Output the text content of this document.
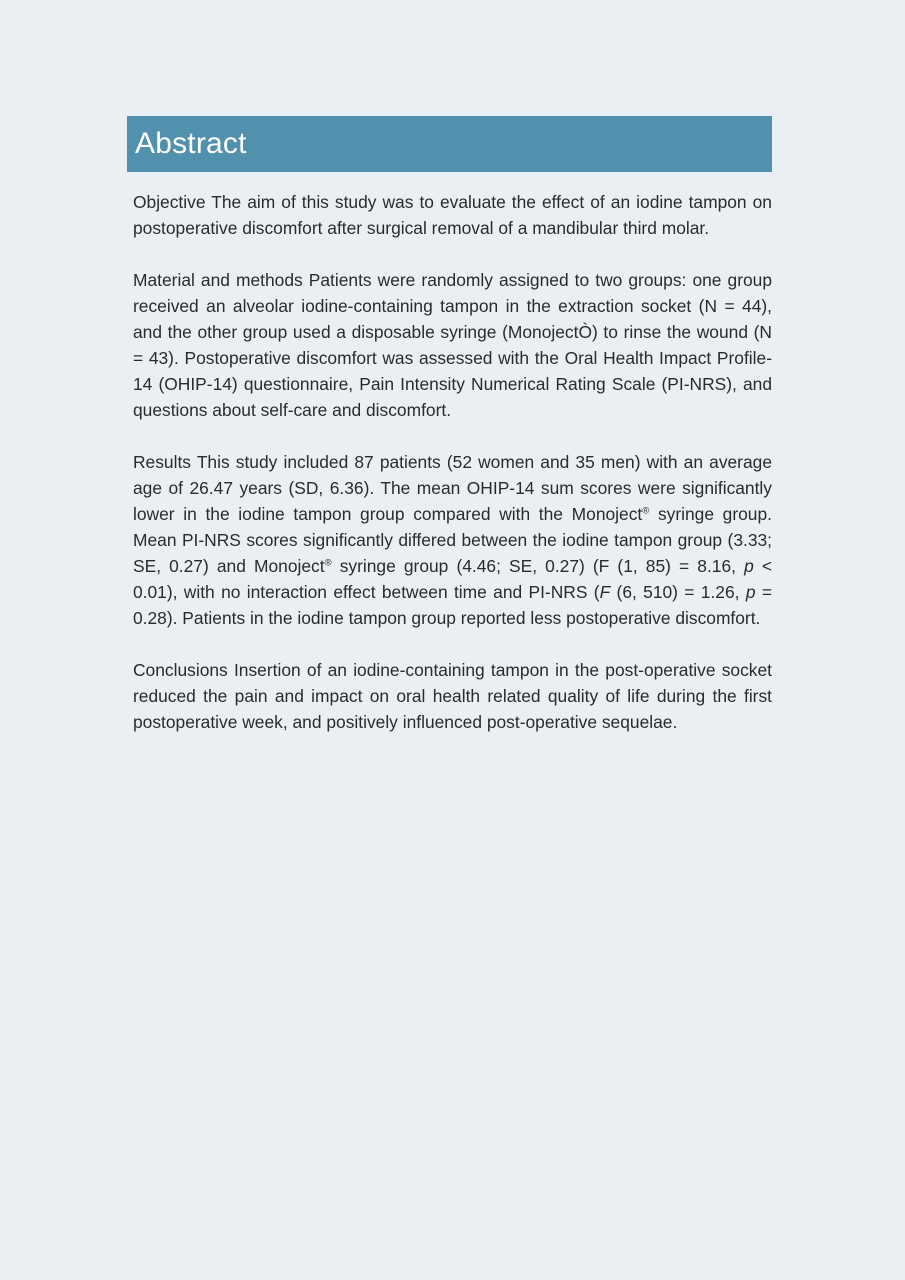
Abstract

Objective The aim of this study was to evaluate the effect of an iodine tampon on postoperative discomfort after surgical removal of a mandibular third molar.

Material and methods Patients were randomly assigned to two groups: one group received an alveolar iodine-containing tampon in the extraction socket (N = 44), and the other group used a disposable syringe (MonojectÒ) to rinse the wound (N = 43). Postoperative discomfort was assessed with the Oral Health Impact Profile-14 (OHIP-14) questionnaire, Pain Intensity Numerical Rating Scale (PI-NRS), and questions about self-care and discomfort.

Results This study included 87 patients (52 women and 35 men) with an average age of 26.47 years (SD, 6.36). The mean OHIP-14 sum scores were significantly lower in the iodine tampon group compared with the Monoject® syringe group. Mean PI-NRS scores significantly differed between the iodine tampon group (3.33; SE, 0.27) and Monoject® syringe group (4.46; SE, 0.27) (F (1, 85) = 8.16, p < 0.01), with no interaction effect between time and PI-NRS (F (6, 510) = 1.26, p = 0.28). Patients in the iodine tampon group reported less postoperative discomfort.

Conclusions Insertion of an iodine-containing tampon in the post-operative socket reduced the pain and impact on oral health related quality of life during the first postoperative week, and positively influenced post-operative sequelae.
